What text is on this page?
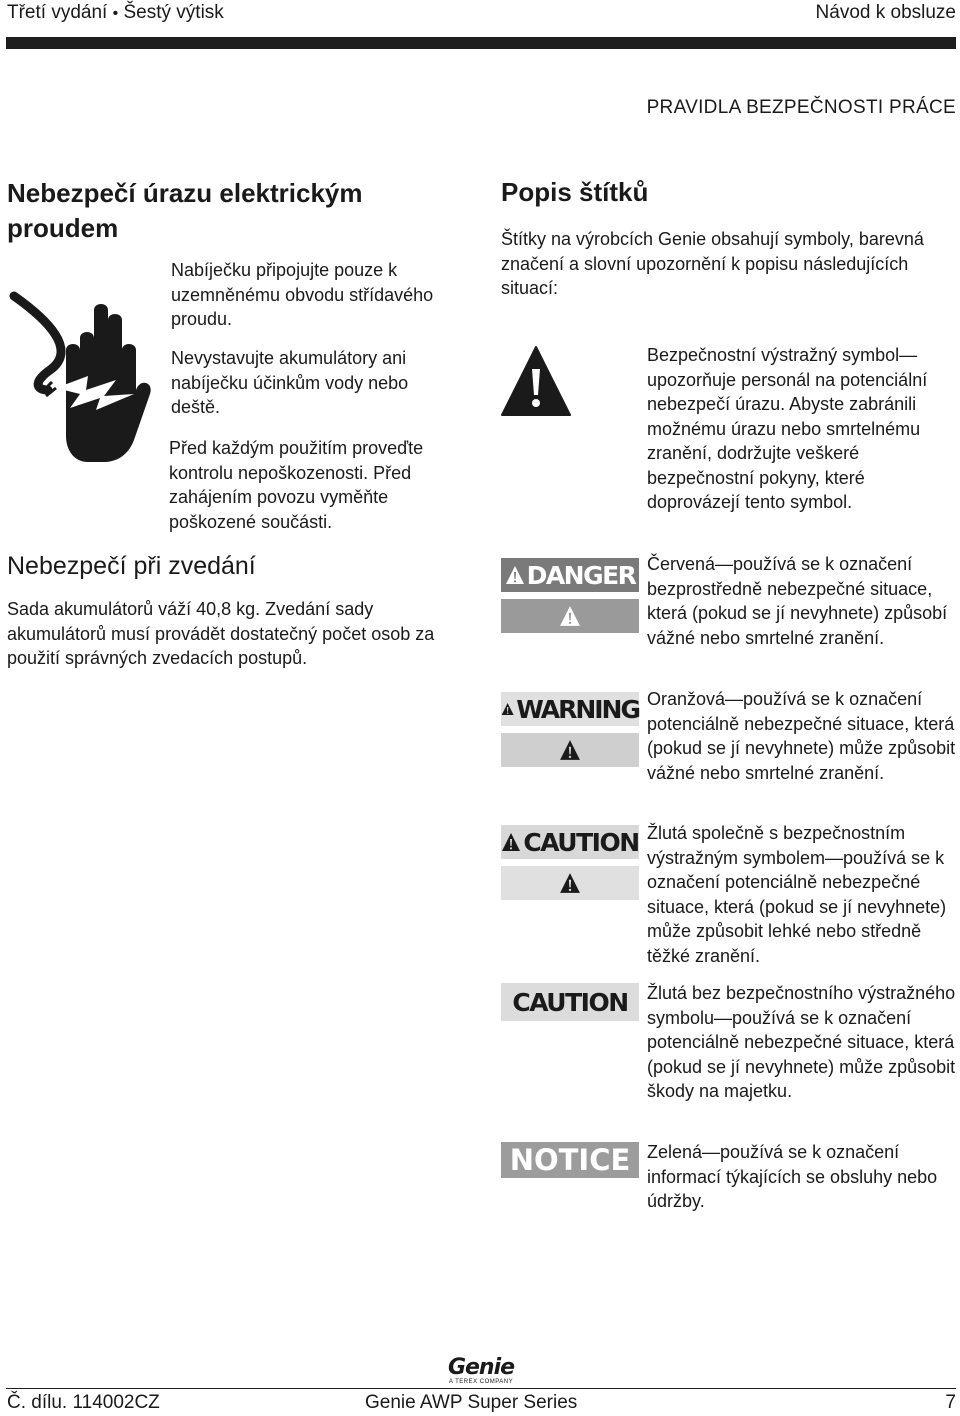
Třetí vydání • Šestý výtisk	Návod k obsluze
PRAVIDLA BEZPEČNOSTI PRÁCE
Nebezpečí úrazu elektrickým
proudem
Nabíječku připojujte pouze k uzemněnému obvodu střídavého proudu.
Nevystavujte akumulátory ani nabíječku účinkům vody nebo deště.
Před každým použitím proveďte kontrolu nepoškozenosti. Před zahájením povozu vyměňte poškozené součásti.
Nebezpečí při zvedání
Sada akumulátorů váží 40,8 kg. Zvedání sady akumulátorů musí provádět dostatečný počet osob za použití správných zvedacích postupů.
Popis štítků
Štítky na výrobcích Genie obsahují symboly, barevná značení a slovní upozornění k popisu následujících situací:
Bezpečnostní výstražný symbol—upozorňuje personál na potenciální nebezpečí úrazu. Abyste zabránili možnému úrazu nebo smrtelnému zranění, dodržujte veškeré bezpečnostní pokyny, které doprovázejí tento symbol.
DANGER Červená—používá se k označení bezprostředně nebezpečné situace, která (pokud se jí nevyhnete) způsobí vážné nebo smrtelné zranění.
WARNING Oranžová—používá se k označení potenciálně nebezpečné situace, která (pokud se jí nevyhnete) může způsobit vážné nebo smrtelné zranění.
CAUTION Žlutá společně s bezpečnostním výstražným symbolem—používá se k označení potenciálně nebezpečné situace, která (pokud se jí nevyhnete) může způsobit lehké nebo středně těžké zranění.
CAUTION Žlutá bez bezpečnostního výstražného symbolu—používá se k označení potenciálně nebezpečné situace, která (pokud se jí nevyhnete) může způsobit škody na majetku.
NOTICE Zelená—používá se k označení informací týkajících se obsluhy nebo údržby.
Genie
A TEREX COMPANY
Č. dílu. 114002CZ	Genie AWP Super Series	7
